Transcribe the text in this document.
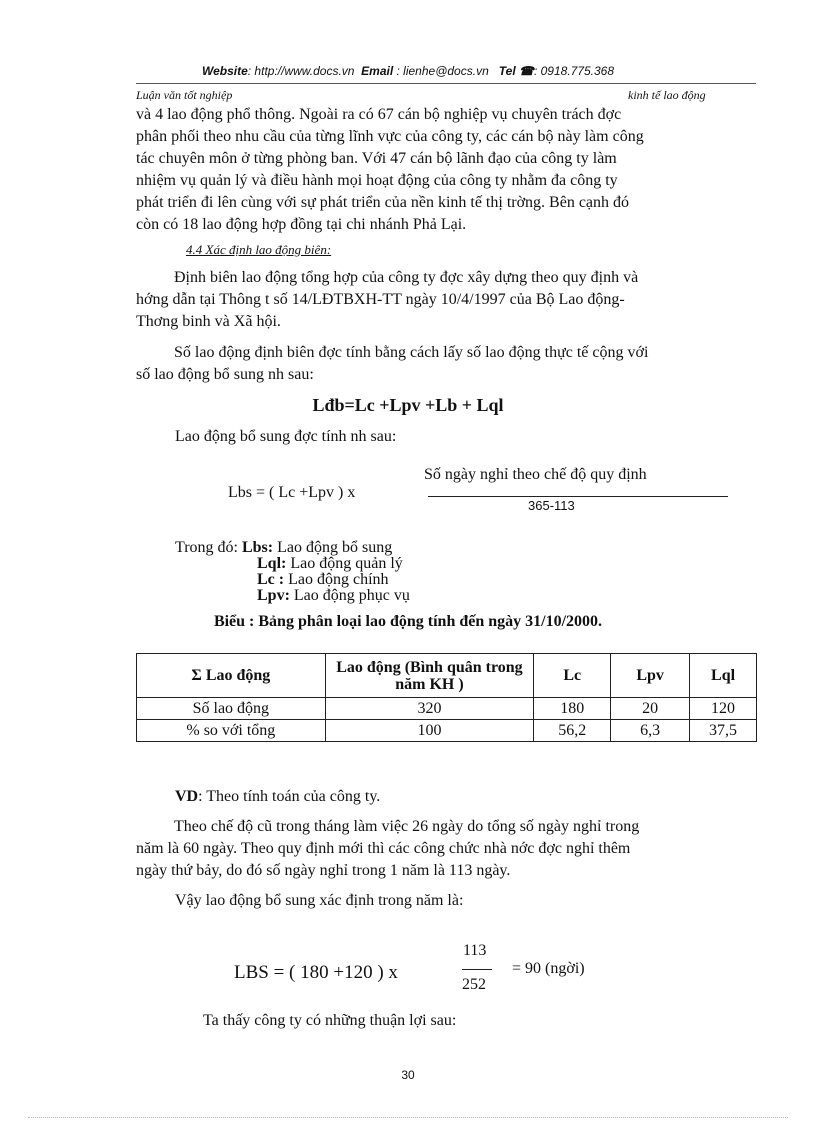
Website: http://www.docs.vn Email : lienhe@docs.vn Tel ☎: 0918.775.368
Luận văn tốt nghiệp	kinh tế lao động
và 4 lao động phổ thông. Ngoài ra có 67 cán bộ nghiệp vụ chuyên trách đợc
phân phối theo nhu cầu của từng lĩnh vực của công ty, các cán bộ này làm công
tác chuyên môn ở từng phòng ban. Với 47 cán bộ lãnh đạo của công ty làm
nhiệm vụ quản lý và điều hành mọi hoạt động của công ty nhằm đa công ty
phát triển đi lên cùng với sự phát triển của nền kinh tế thị trờng. Bên cạnh đó
còn có 18 lao động hợp đồng tại chi nhánh Phả Lại.
4.4 Xác định lao động biên:
Định biên lao động tổng hợp của công ty đợc xây dựng theo quy định và
hớng dẫn tại Thông t số 14/LĐTBXH-TT ngày 10/4/1997 của Bộ Lao động-
Thơng binh và Xã hội.
Số lao động định biên đợc tính bằng cách lấy số lao động thực tế cộng với
số lao động bổ sung nh sau:
Lđb=Lc +Lpv +Lb + Lql
Lao động bổ sung đợc tính nh sau:
Số ngày nghỉ theo chế độ quy định
365-113
Lbs = ( Lc +Lpv ) x
Trong đó: Lbs: Lao động bổ sung
Lql: Lao động quản lý
Lc : Lao động chính
Lpv: Lao động phục vụ
Biểu : Bảng phân loại lao động tính đến ngày 31/10/2000.
Σ Lao động	Lao động (Bình quân trong năm KH )	Lc	Lpv	Lql
Số lao động	320	180	20	120
% so với tổng	100	56,2	6,3	37,5
VD: Theo tính toán của công ty.
Theo chế độ cũ trong tháng làm việc 26 ngày do tổng số ngày nghỉ trong
năm là 60 ngày. Theo quy định mới thì các công chức nhà nớc đợc nghỉ thêm
ngày thứ bảy, do đó số ngày nghỉ trong 1 năm là 113 ngày.
Vậy lao động bổ sung xác định trong năm là:
LBS = ( 180 +120 ) x
113
252
= 90 (ngời)
Ta thấy công ty có những thuận lợi sau:
30
